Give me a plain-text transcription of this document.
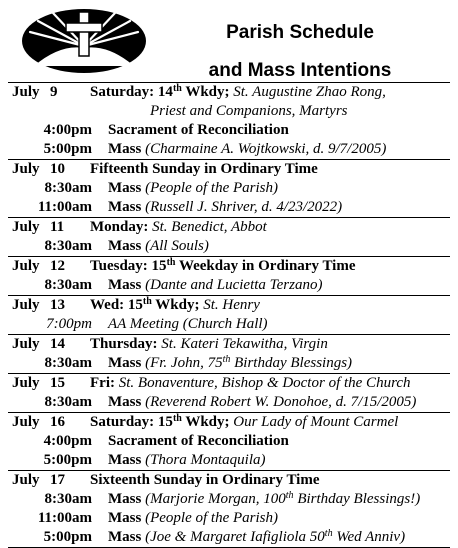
Parish Schedule
and Mass Intentions
July 9	Saturday: 14th Wkdy; St. Augustine Zhao Rong,
Priest and Companions, Martyrs
4:00pm Sacrament of Reconciliation
5:00pm Mass (Charmaine A. Wojtkowski, d. 9/7/2005)
July 10	Fifteenth Sunday in Ordinary Time
8:30am Mass (People of the Parish)
11:00am Mass (Russell J. Shriver, d. 4/23/2022)
July 11	Monday: St. Benedict, Abbot
8:30am Mass (All Souls)
July 12	Tuesday: 15th Weekday in Ordinary Time
8:30am Mass (Dante and Lucietta Terzano)
July 13	Wed: 15th Wkdy; St. Henry
7:00pm AA Meeting (Church Hall)
July 14	Thursday: St. Kateri Tekawitha, Virgin
8:30am Mass (Fr. John, 75th Birthday Blessings)
July 15	Fri: St. Bonaventure, Bishop & Doctor of the Church
8:30am Mass (Reverend Robert W. Donohoe, d. 7/15/2005)
July 16	Saturday: 15th Wkdy; Our Lady of Mount Carmel
4:00pm Sacrament of Reconciliation
5:00pm Mass (Thora Montaquila)
July 17	Sixteenth Sunday in Ordinary Time
8:30am Mass (Marjorie Morgan, 100th Birthday Blessings!)
11:00am Mass (People of the Parish)
5:00pm Mass (Joe & Margaret Iafigliola 50th Wed Anniv)
